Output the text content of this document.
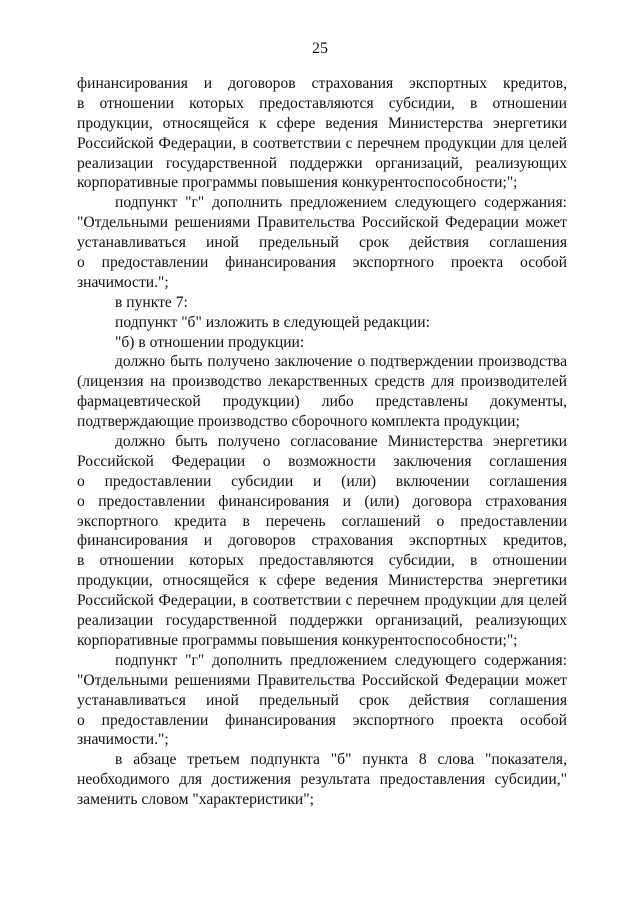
25
финансирования и договоров страхования экспортных кредитов,
в отношении которых предоставляются субсидии, в отношении
продукции, относящейся к сфере ведения Министерства энергетики
Российской Федерации, в соответствии с перечнем продукции для целей
реализации государственной поддержки организаций, реализующих
корпоративные программы повышения конкурентоспособности;";
подпункт "г" дополнить предложением следующего содержания:
"Отдельными решениями Правительства Российской Федерации может
устанавливаться иной предельный срок действия соглашения
о предоставлении финансирования экспортного проекта особой
значимости.";
в пункте 7:
подпункт "б" изложить в следующей редакции:
"б) в отношении продукции:
должно быть получено заключение о подтверждении производства
(лицензия на производство лекарственных средств для производителей
фармацевтической продукции) либо представлены документы,
подтверждающие производство сборочного комплекта продукции;
должно быть получено согласование Министерства энергетики
Российской Федерации о возможности заключения соглашения
о предоставлении субсидии и (или) включении соглашения
о предоставлении финансирования и (или) договора страхования
экспортного кредита в перечень соглашений о предоставлении
финансирования и договоров страхования экспортных кредитов,
в отношении которых предоставляются субсидии, в отношении
продукции, относящейся к сфере ведения Министерства энергетики
Российской Федерации, в соответствии с перечнем продукции для целей
реализации государственной поддержки организаций, реализующих
корпоративные программы повышения конкурентоспособности;";
подпункт "г" дополнить предложением следующего содержания:
"Отдельными решениями Правительства Российской Федерации может
устанавливаться иной предельный срок действия соглашения
о предоставлении финансирования экспортного проекта особой
значимости.";
в абзаце третьем подпункта "б" пункта 8 слова "показателя,
необходимого для достижения результата предоставления субсидии,"
заменить словом "характеристики";
